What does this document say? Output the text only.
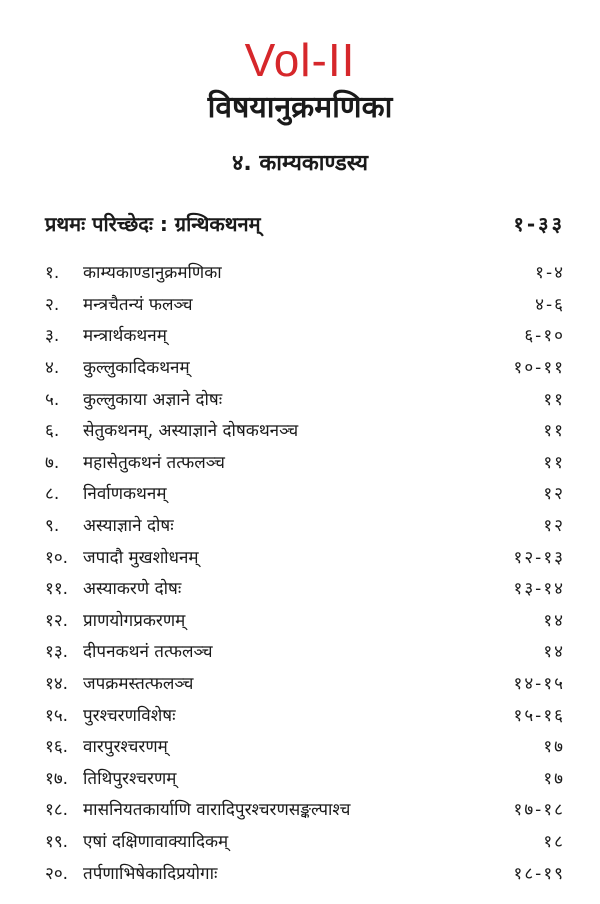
Vol-II
विषयानुक्रमणिका
४. काम्यकाण्डस्य
प्रथमः परिच्छेदः : ग्रन्थिकथनम्	१-३३
१.	काम्यकाण्डानुक्रमणिका	१-४
२.	मन्त्रचैतन्यं फलञ्च	४-६
३.	मन्त्रार्थकथनम्	६-१०
४.	कुल्लुकादिकथनम्	१०-११
५.	कुल्लुकाया अज्ञाने दोषः	११
६.	सेतुकथनम्, अस्याज्ञाने दोषकथनञ्च	११
७.	महासेतुकथनं तत्फलञ्च	११
८.	निर्वाणकथनम्	१२
९.	अस्याज्ञाने दोषः	१२
१०. जपादौ मुखशोधनम्	१२-१३
११. अस्याकरणे दोषः	१३-१४
१२. प्राणयोगप्रकरणम्	१४
१३. दीपनकथनं तत्फलञ्च	१४
१४. जपक्रमस्तत्फलञ्च	१४-१५
१५. पुरश्चरणविशेषः	१५-१६
१६. वारपुरश्चरणम्	१७
१७. तिथिपुरश्चरणम्	१७
१८. मासनियतकार्याणि वारादिपुरश्चरणसङ्कल्पाश्च	१७-१८
१९. एषां दक्षिणावाक्यादिकम्	१८
२०. तर्पणाभिषेकादिप्रयोगाः	१८-१९
